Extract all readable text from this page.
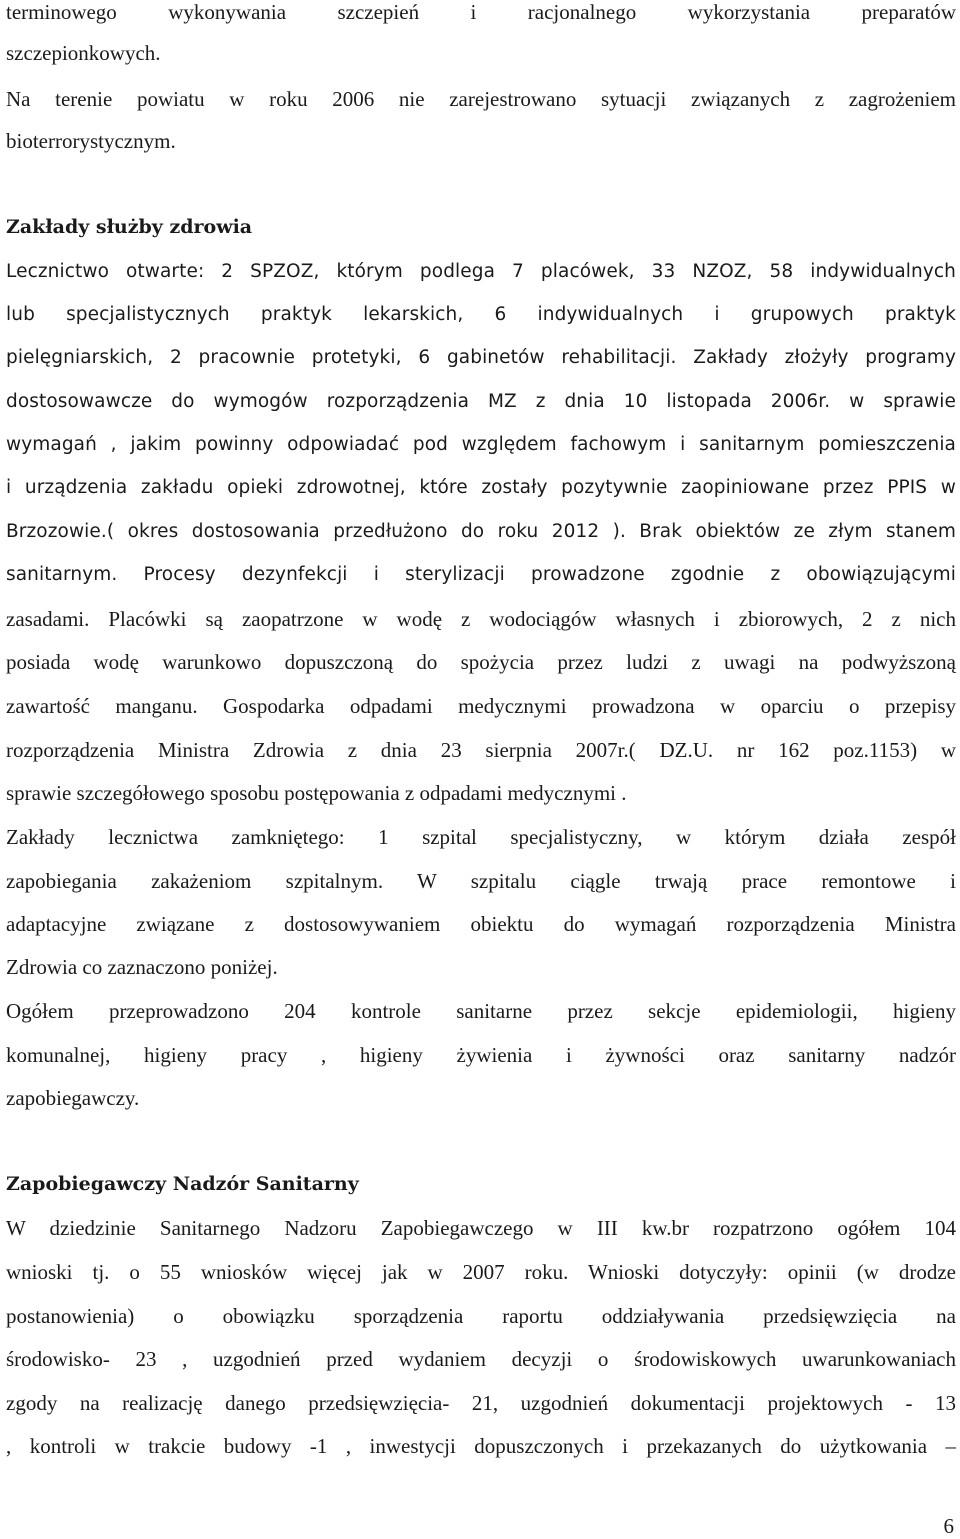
terminowego wykonywania szczepień i racjonalnego wykorzystania preparatów
szczepionkowych.
Na terenie powiatu w roku 2006 nie zarejestrowano sytuacji związanych z zagrożeniem
bioterrorystycznym.
Zakłady służby zdrowia
Lecznictwo otwarte: 2 SPZOZ, którym podlega 7 placówek, 33 NZOZ, 58 indywidualnych
lub specjalistycznych praktyk lekarskich, 6 indywidualnych i grupowych praktyk
pielęgniarskich, 2 pracownie protetyki, 6 gabinetów rehabilitacji. Zakłady złożyły programy
dostosowawcze do wymogów rozporządzenia MZ z dnia 10 listopada 2006r. w sprawie
wymagań , jakim powinny odpowiadać pod względem fachowym i sanitarnym pomieszczenia
i urządzenia zakładu opieki zdrowotnej, które zostały pozytywnie zaopiniowane przez PPIS w
Brzozowie.( okres dostosowania przedłużono do roku 2012 ). Brak obiektów ze złym stanem
sanitarnym. Procesy dezynfekcji i sterylizacji prowadzone zgodnie z obowiązującymi
zasadami. Placówki są zaopatrzone w wodę z wodociągów własnych i zbiorowych, 2 z nich
posiada wodę warunkowo dopuszczoną do spożycia przez ludzi z uwagi na podwyższoną
zawartość manganu. Gospodarka odpadami medycznymi prowadzona w oparciu o przepisy
rozporządzenia Ministra Zdrowia z dnia 23 sierpnia 2007r.( DZ.U. nr 162 poz.1153) w
sprawie szczegółowego sposobu postępowania z odpadami medycznymi .
Zakłady lecznictwa zamkniętego: 1 szpital specjalistyczny, w którym działa zespół
zapobiegania zakażeniom szpitalnym. W szpitalu ciągle trwają prace remontowe i
adaptacyjne związane z dostosowywaniem obiektu do wymagań rozporządzenia Ministra
Zdrowia co zaznaczono poniżej.
Ogółem przeprowadzono 204 kontrole sanitarne przez sekcje epidemiologii, higieny
komunalnej, higieny pracy , higieny żywienia i żywności oraz sanitarny nadzór
zapobiegawczy.
Zapobiegawczy Nadzór Sanitarny
W dziedzinie Sanitarnego Nadzoru Zapobiegawczego w III kw.br rozpatrzono ogółem 104
wnioski tj. o 55 wniosków więcej jak w 2007 roku. Wnioski dotyczyły: opinii (w drodze
postanowienia) o obowiązku sporządzenia raportu oddziaływania przedsięwzięcia na
środowisko- 23 , uzgodnień przed wydaniem decyzji o środowiskowych uwarunkowaniach
zgody na realizację danego przedsięwzięcia- 21, uzgodnień dokumentacji projektowych - 13
, kontroli w trakcie budowy -1 , inwestycji dopuszczonych i przekazanych do użytkowania –
6
